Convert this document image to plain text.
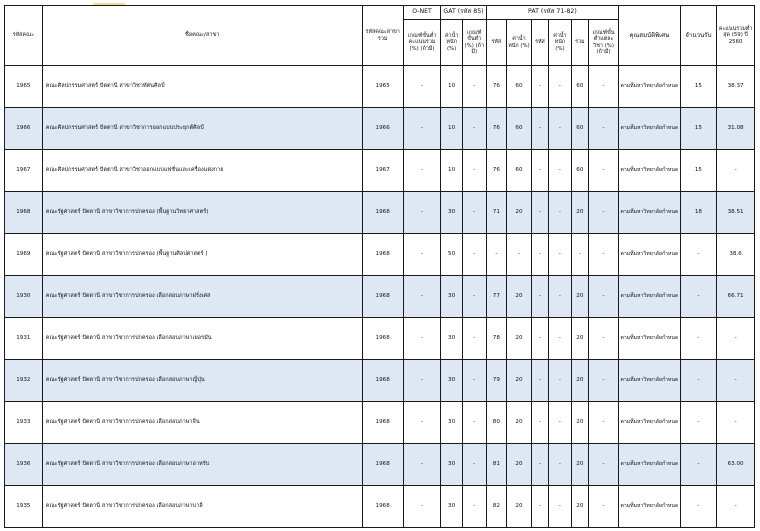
รหัสคณะ	ชื่อคณะ/สาขา	รหัสคณะสาขารวม	O-NET	GAT (รหัส 85)		PAT (รหัส 71-82)						คุณสมบัติพิเศษ	จำนวนรับ	คะแนนรวมต่ำสุด (59) ปี 2560
			เกณฑ์ขั้นต่ำคะแนนรวม (%) (ถ้ามี)	ค่าน้ำหนัก (%)	เกณฑ์ขั้นต่ำ (%) (ถ้ามี)	รหัส	ค่าน้ำหนัก (%)	รหัส	ค่าน้ำหนัก (%)	รวม	เกณฑ์ขั้นต่ำแต่ละวิชา (%) (ถ้ามี)			
1965	คณะศิลปกรรมศาสตร์ ปัตตานี สาขาวิชาทัศนศิลป์	1965	-	10	-	76	60	-	-	60	-	ตามที่มหาวิทยาลัยกำหนด	15	38.37
1966	คณะศิลปกรรมศาสตร์ ปัตตานี สาขาวิชาการออกแบบประยุกต์ศิลป์	1966	-	10	-	76	60	-	-	60	-	ตามที่มหาวิทยาลัยกำหนด	15	31.08
1967	คณะศิลปกรรมศาสตร์ ปัตตานี สาขาวิชาออกแบบแฟชั่นและเครื่องแต่งกาย	1967	-	10	-	76	60	-	-	60	-	ตามที่มหาวิทยาลัยกำหนด	15	-
1968	คณะรัฐศาสตร์ ปัตตานี สาขาวิชาการปกครอง (พื้นฐานวิทยาศาสตร์)	1968	-	30	-	71	20	-	-	20	-	ตามที่มหาวิทยาลัยกำหนด	18	38.51
1969	คณะรัฐศาสตร์ ปัตตานี สาขาวิชาการปกครอง (พื้นฐานศิลปศาสตร์ )	1968	-	50	-	-	-	-	-	-	-	ตามที่มหาวิทยาลัยกำหนด	-	38.6
1930	คณะรัฐศาสตร์ ปัตตานี สาขาวิชาการปกครอง เลือกสอบภาษาฝรั่งเศส	1968	-	30	-	77	20	-	-	20	-	ตามที่มหาวิทยาลัยกำหนด	-	66.71
1931	คณะรัฐศาสตร์ ปัตตานี สาขาวิชาการปกครอง เลือกสอบภาษาเยอรมัน	1968	-	30	-	78	20	-	-	20	-	ตามที่มหาวิทยาลัยกำหนด	-	-
1932	คณะรัฐศาสตร์ ปัตตานี สาขาวิชาการปกครอง เลือกสอบภาษาญี่ปุ่น	1968	-	30	-	79	20	-	-	20	-	ตามที่มหาวิทยาลัยกำหนด	-	-
1933	คณะรัฐศาสตร์ ปัตตานี สาขาวิชาการปกครอง เลือกสอบภาษาจีน	1968	-	30	-	80	20	-	-	20	-	ตามที่มหาวิทยาลัยกำหนด	-	-
1936	คณะรัฐศาสตร์ ปัตตานี สาขาวิชาการปกครอง เลือกสอบภาษาอาหรับ	1968	-	30	-	81	20	-	-	20	-	ตามที่มหาวิทยาลัยกำหนด	-	63.00
1935	คณะรัฐศาสตร์ ปัตตานี สาขาวิชาการปกครอง เลือกสอบภาษาบาลี	1968	-	30	-	82	20	-	-	20	-	ตามที่มหาวิทยาลัยกำหนด	-	-
